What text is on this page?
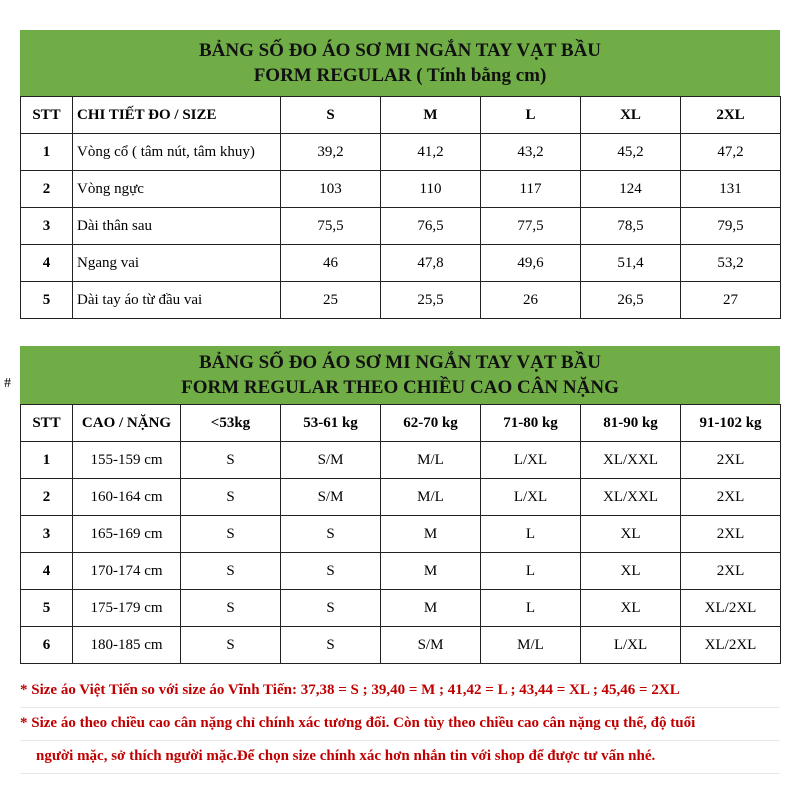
BẢNG SỐ ĐO ÁO SƠ MI NGẮN TAY VẠT BẦU
FORM REGULAR ( Tính bằng cm)
STT	CHI TIẾT ĐO / SIZE	S	M	L	XL	2XL
1	Vòng cổ ( tâm nút, tâm khuy)	39,2	41,2	43,2	45,2	47,2
2	Vòng ngực	103	110	117	124	131
3	Dài thân sau	75,5	76,5	77,5	78,5	79,5
4	Ngang vai	46	47,8	49,6	51,4	53,2
5	Dài tay áo từ đầu vai	25	25,5	26	26,5	27
#
BẢNG SỐ ĐO ÁO SƠ MI NGẮN TAY VẠT BẦU
FORM REGULAR THEO CHIỀU CAO CÂN NẶNG
STT	CAO / NẶNG	<53kg	53-61 kg	62-70 kg	71-80 kg	81-90 kg	91-102 kg
1	155-159 cm	S	S/M	M/L	L/XL	XL/XXL	2XL
2	160-164 cm	S	S/M	M/L	L/XL	XL/XXL	2XL
3	165-169 cm	S	S	M	L	XL	2XL
4	170-174 cm	S	S	M	L	XL	2XL
5	175-179 cm	S	S	M	L	XL	XL/2XL
6	180-185 cm	S	S	S/M	M/L	L/XL	XL/2XL
* Size áo Việt Tiến so với size áo Vĩnh Tiến: 37,38 = S ; 39,40 = M ; 41,42 = L ; 43,44 = XL ; 45,46 = 2XL
* Size áo theo chiều cao cân nặng chỉ chính xác tương đối. Còn tùy theo chiều cao cân nặng cụ thể, độ tuổi
người mặc, sở thích người mặc.Để chọn size chính xác hơn nhắn tin với shop để được tư vấn nhé.
